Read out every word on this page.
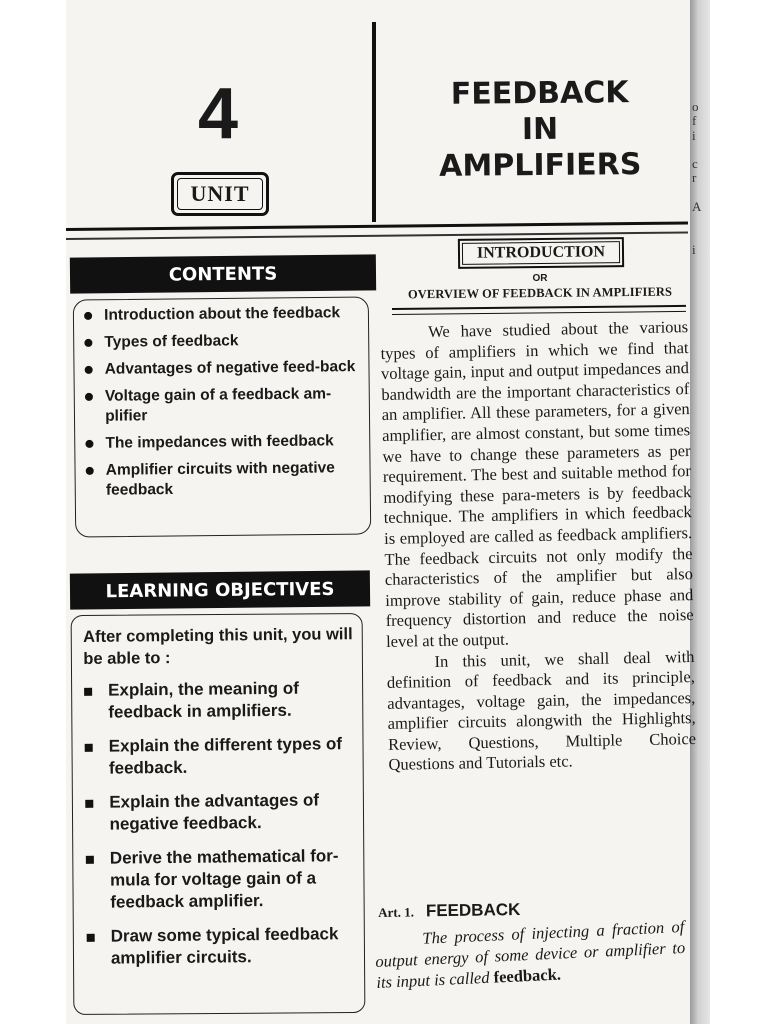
o
f
i

c
r

A

i
4
UNIT
FEEDBACK
IN
AMPLIFIERS
CONTENTS
Introduction about the feedback
Types of feedback
Advantages of negative feed-back
Voltage gain of a feedback am-plifier
The impedances with feedback
Amplifier circuits with negative feedback
LEARNING OBJECTIVES
After completing this unit, you will be able to :
Explain, the meaning of feedback in amplifiers.
Explain the different types of feedback.
Explain the advantages of negative feedback.
Derive the mathematical for-mula for voltage gain of a feedback amplifier.
Draw some typical feedback amplifier circuits.
INTRODUCTION
OR
OVERVIEW OF FEEDBACK IN AMPLIFIERS

We have studied about the various types of amplifiers in which we find that voltage gain, input and output impedances and bandwidth are the important characteristics of an amplifier. All these parameters, for a given amplifier, are almost constant, but some times we have to change these parameters as per requirement. The best and suitable method for modifying these para-meters is by feedback technique. The amplifiers in which feedback is employed are called as feedback amplifiers. The feedback circuits not only modify the characteristics of the amplifier but also improve stability of gain, reduce phase and frequency distortion and reduce the noise level at the output.

In this unit, we shall deal with definition of feedback and its principle, advantages, voltage gain, the impedances, amplifier circuits alongwith the Highlights, Review, Questions, Multiple Choice Questions and Tutorials etc.

Art. 1. FEEDBACK

The process of injecting a fraction of output energy of some device or amplifier to its input is called feedback.
